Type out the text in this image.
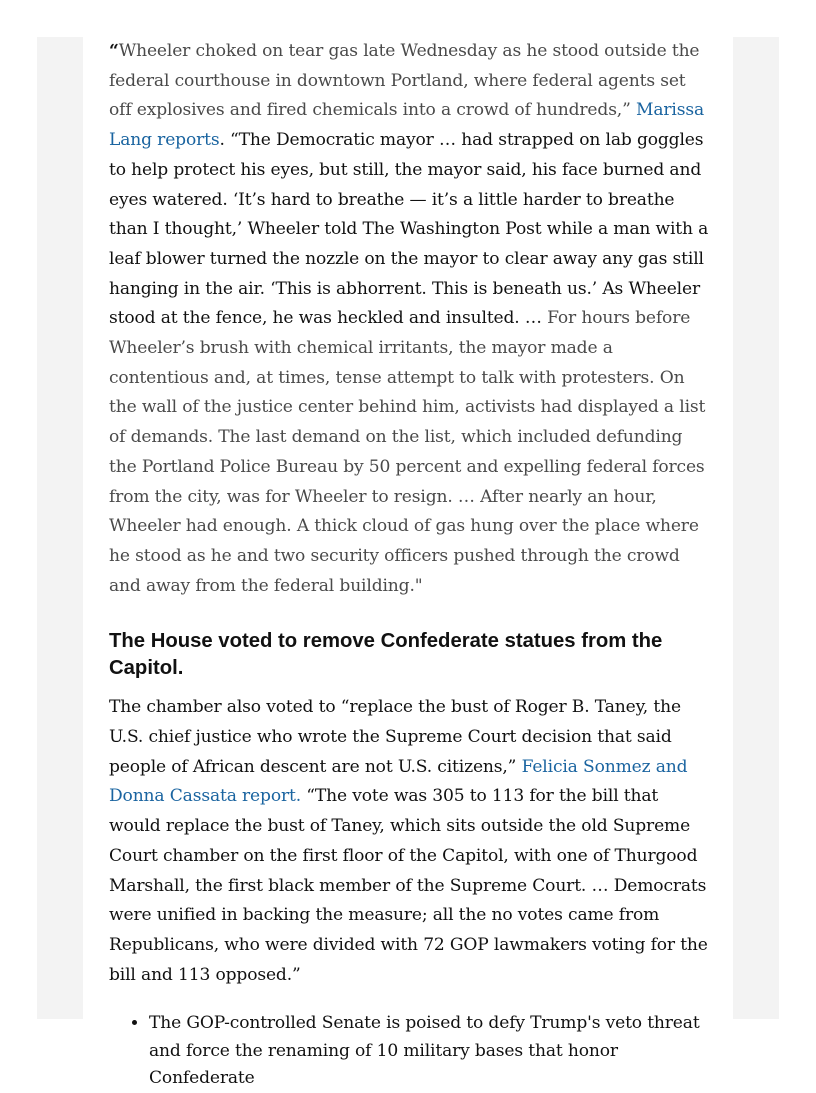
“Wheeler choked on tear gas late Wednesday as he stood outside the federal courthouse in downtown Portland, where federal agents set off explosives and fired chemicals into a crowd of hundreds,” Marissa Lang reports. “The Democratic mayor … had strapped on lab goggles to help protect his eyes, but still, the mayor said, his face burned and eyes watered. ‘It’s hard to breathe — it’s a little harder to breathe than I thought,’ Wheeler told The Washington Post while a man with a leaf blower turned the nozzle on the mayor to clear away any gas still hanging in the air. ‘This is abhorrent. This is beneath us.’ As Wheeler stood at the fence, he was heckled and insulted. … For hours before Wheeler’s brush with chemical irritants, the mayor made a contentious and, at times, tense attempt to talk with protesters. On the wall of the justice center behind him, activists had displayed a list of demands. The last demand on the list, which included defunding the Portland Police Bureau by 50 percent and expelling federal forces from the city, was for Wheeler to resign. … After nearly an hour, Wheeler had enough. A thick cloud of gas hung over the place where he stood as he and two security officers pushed through the crowd and away from the federal building."

The House voted to remove Confederate statues from the Capitol.

The chamber also voted to “replace the bust of Roger B. Taney, the U.S. chief justice who wrote the Supreme Court decision that said people of African descent are not U.S. citizens,” Felicia Sonmez and Donna Cassata report. “The vote was 305 to 113 for the bill that would replace the bust of Taney, which sits outside the old Supreme Court chamber on the first floor of the Capitol, with one of Thurgood Marshall, the first black member of the Supreme Court. … Democrats were unified in backing the measure; all the no votes came from Republicans, who were divided with 72 GOP lawmakers voting for the bill and 113 opposed.”

• The GOP-controlled Senate is poised to defy Trump's veto threat and force the renaming of 10 military bases that honor Confederate
